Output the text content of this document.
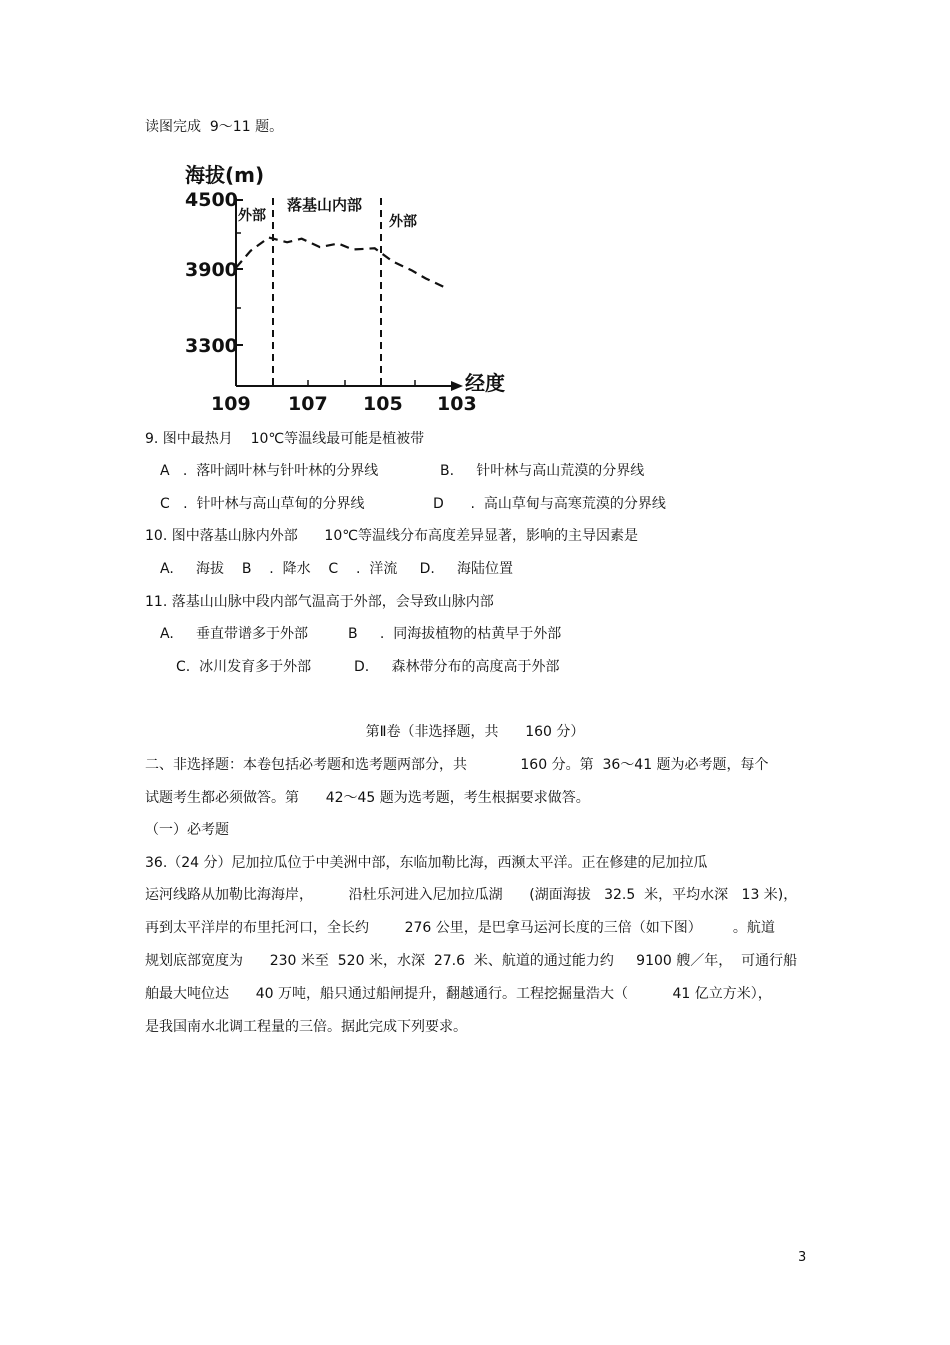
读图完成  9～11 题。
海拔(m)
4500
3900
3300
经度
109 107 105 103
外部
落基山内部
外部
9. 图中最热月    10℃等温线最可能是植被带
A   .  落叶阔叶林与针叶林的分界线	B.     针叶林与高山荒漠的分界线
C   .  针叶林与高山草甸的分界线	D      .  高山草甸与高寒荒漠的分界线
10. 图中落基山脉内外部      10℃等温线分布高度差异显著，影响的主导因素是
A.     海拔    B    .  降水    C    .  洋流     D.     海陆位置
11. 落基山山脉中段内部气温高于外部，会导致山脉内部
A.     垂直带谱多于外部	B     .  同海拔植物的枯黄早于外部
C.  冰川发育多于外部	D.     森林带分布的高度高于外部
第Ⅱ卷（非选择题，共      160 分）
二、非选择题：本卷包括必考题和选考题两部分，共            160 分。第  36～41 题为必考题，每个
试题考生都必须做答。第      42～45 题为选考题，考生根据要求做答。
（一）必考题
36.（24 分）尼加拉瓜位于中美洲中部，东临加勒比海，西濒太平洋。正在修建的尼加拉瓜
运河线路从加勒比海海岸，        沿杜乐河进入尼加拉瓜湖      (湖面海拔   32.5  米，平均水深   13 米)，
再到太平洋岸的布里托河口，全长约        276 公里，是巴拿马运河长度的三倍（如下图）       。航道
规划底部宽度为      230 米至  520 米，水深  27.6  米、航道的通过能力约     9100 艘／年，  可通行船
舶最大吨位达      40 万吨，船只通过船闸提升，翻越通行。工程挖掘量浩大（          41 亿立方米），
是我国南水北调工程量的三倍。据此完成下列要求。
3
